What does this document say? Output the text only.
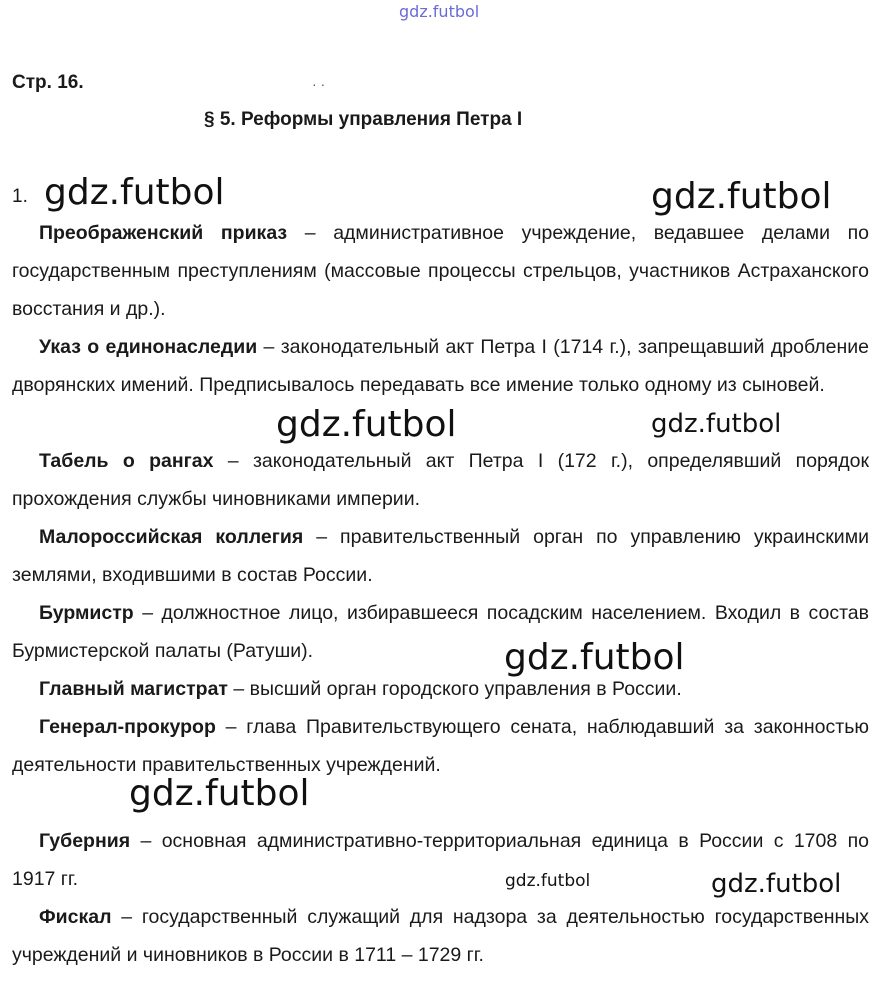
gdz.futbol
gdz.futbol	gdz.futbol
gdz.futbol	gdz.futbol
gdz.futbol
gdz.futbol
gdz.futbol	gdz.futbol
Стр. 16.	· ·
§ 5. Реформы управления Петра I
1.

Преображенский приказ – административное учреждение, ведавшее делами по государственным преступлениям (массовые процессы стрельцов, участников Астраханского восстания и др.).

Указ о единонаследии – законодательный акт Петра I (1714 г.), запрещавший дробление дворянских имений. Предписывалось передавать все имение только одному из сыновей.

Табель о рангах – законодательный акт Петра I (172 г.), определявший порядок прохождения службы чиновниками империи.

Малороссийская коллегия – правительственный орган по управлению украинскими землями, входившими в состав России.

Бурмистр – должностное лицо, избиравшееся посадским населением. Входил в состав Бурмистерской палаты (Ратуши).

Главный магистрат – высший орган городского управления в России.

Генерал-прокурор – глава Правительствующего сената, наблюдавший за законностью деятельности правительственных учреждений.

Губерния – основная административно-территориальная единица в России с 1708 по 1917 гг.

Фискал – государственный служащий для надзора за деятельностью государственных учреждений и чиновников в России в 1711 – 1729 гг.
